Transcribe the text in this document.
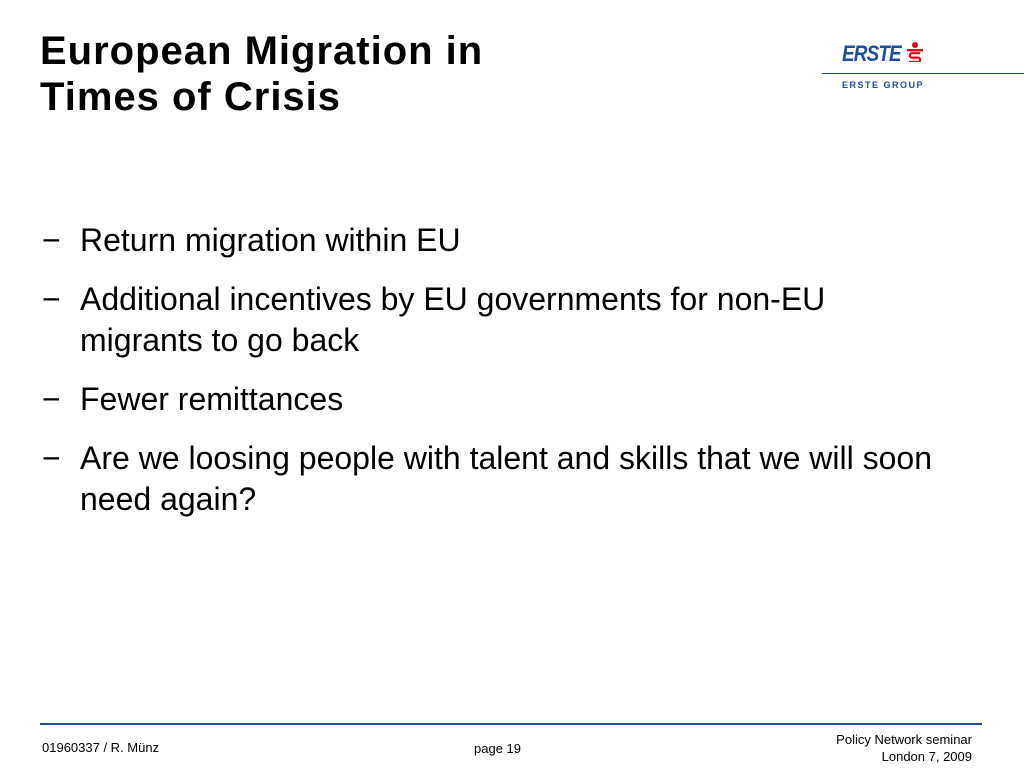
European Migration in
Times of Crisis
ERSTE
ERSTE GROUP
− Return migration within EU
− Additional incentives by EU governments for non-EU migrants to go back
− Fewer remittances
− Are we loosing people with talent and skills that we will soon need again?
01960337 / R. Münz	page 19
Policy Network seminar
London 7, 2009
